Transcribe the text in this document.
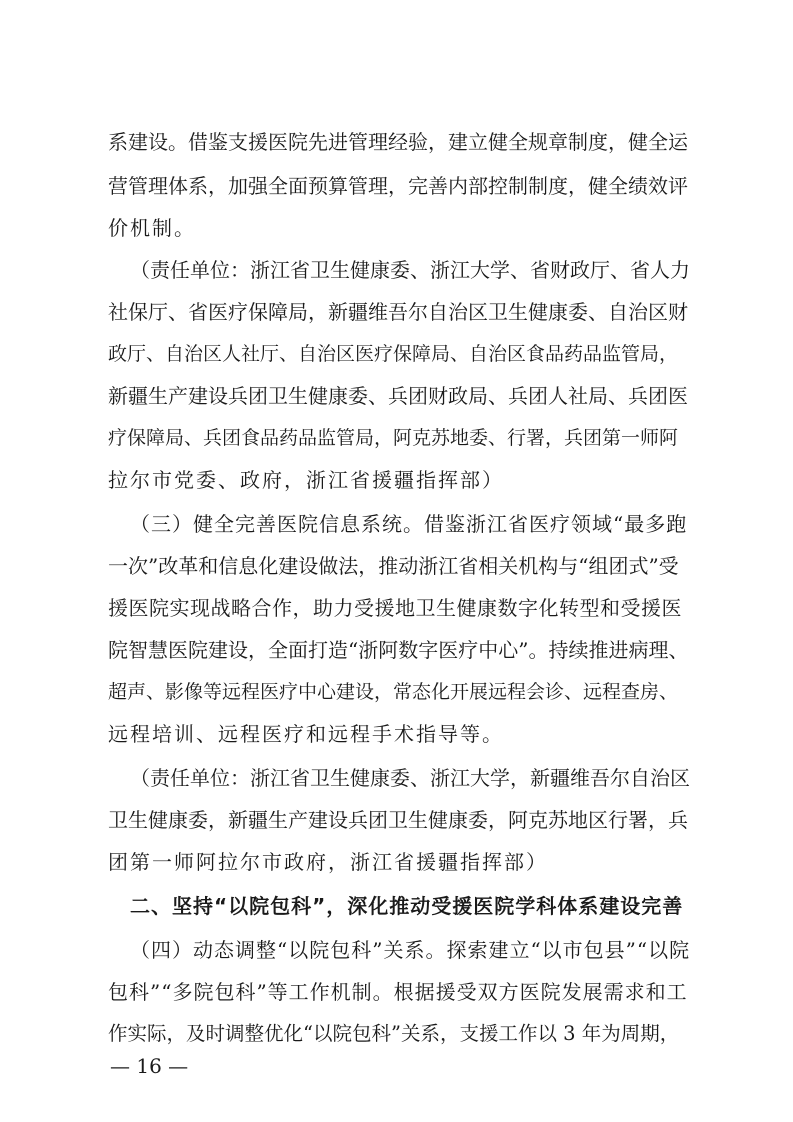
系建设。借鉴支援医院先进管理经验，建立健全规章制度，健全运
营管理体系，加强全面预算管理，完善内部控制制度，健全绩效评
价机制。
（责任单位：浙江省卫生健康委、浙江大学、省财政厅、省人力
社保厅、省医疗保障局，新疆维吾尔自治区卫生健康委、自治区财
政厅、自治区人社厅、自治区医疗保障局、自治区食品药品监管局，
新疆生产建设兵团卫生健康委、兵团财政局、兵团人社局、兵团医
疗保障局、兵团食品药品监管局，阿克苏地委、行署，兵团第一师阿
拉尔市党委、政府，浙江省援疆指挥部）
（三）健全完善医院信息系统。借鉴浙江省医疗领域“最多跑
一次”改革和信息化建设做法，推动浙江省相关机构与“组团式”受
援医院实现战略合作，助力受援地卫生健康数字化转型和受援医
院智慧医院建设，全面打造“浙阿数字医疗中心”。持续推进病理、
超声、影像等远程医疗中心建设，常态化开展远程会诊、远程查房、
远程培训、远程医疗和远程手术指导等。
（责任单位：浙江省卫生健康委、浙江大学，新疆维吾尔自治区
卫生健康委，新疆生产建设兵团卫生健康委，阿克苏地区行署，兵
团第一师阿拉尔市政府，浙江省援疆指挥部）
二、坚持“以院包科”，深化推动受援医院学科体系建设完善
（四）动态调整“以院包科”关系。探索建立“以市包县”“以院
包科”“多院包科”等工作机制。根据援受双方医院发展需求和工
作实际，及时调整优化“以院包科”关系，支援工作以 3 年为周期，
— 16 —
